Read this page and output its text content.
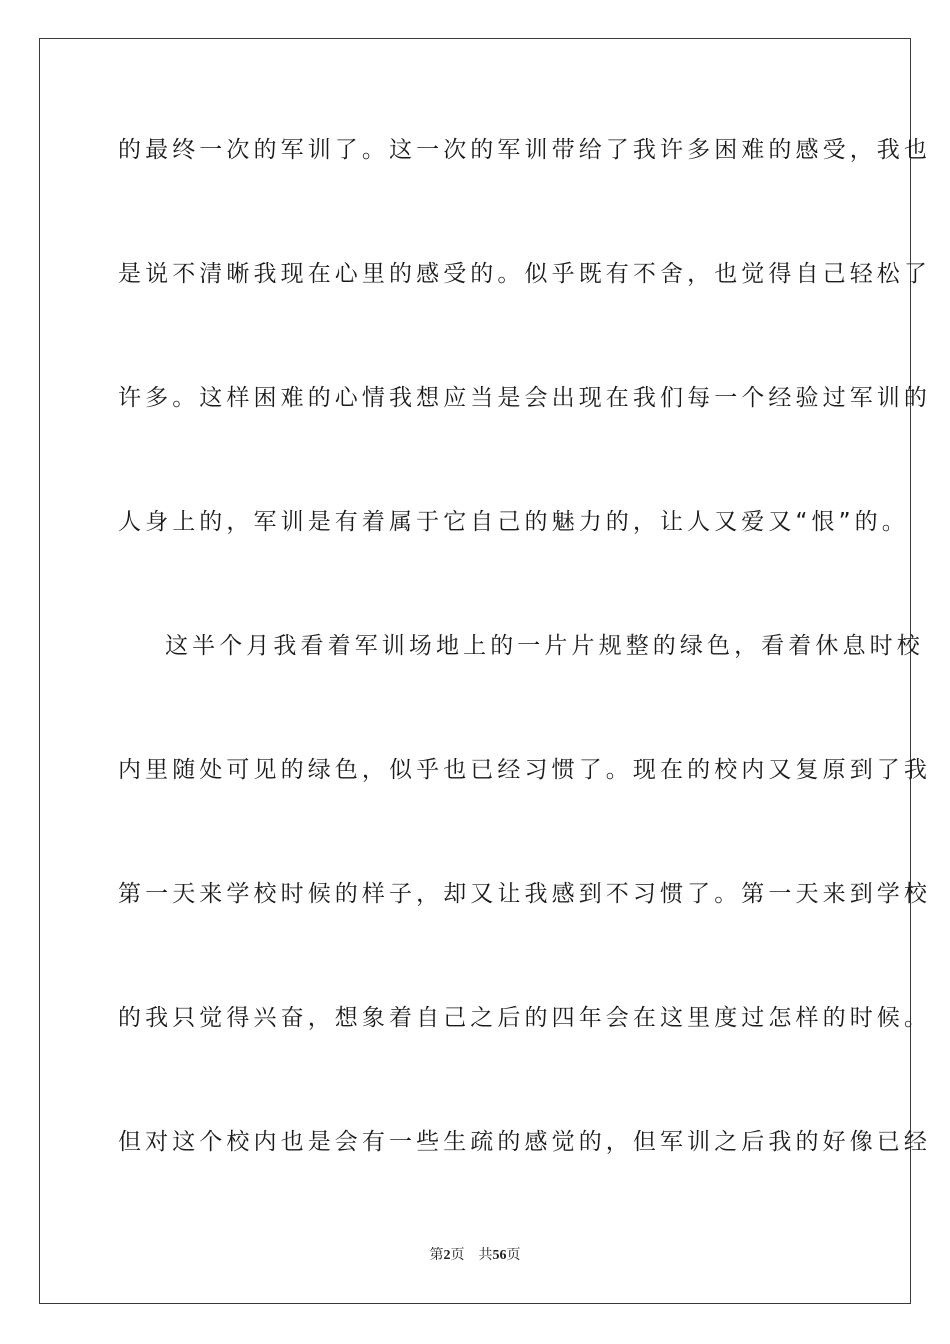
的最终一次的军训了。这一次的军训带给了我许多困难的感受，我也
是说不清晰我现在心里的感受的。似乎既有不舍，也觉得自己轻松了
许多。这样困难的心情我想应当是会出现在我们每一个经验过军训的
人身上的，军训是有着属于它自己的魅力的，让人又爱又“恨”的。
这半个月我看着军训场地上的一片片规整的绿色，看着休息时校
内里随处可见的绿色，似乎也已经习惯了。现在的校内又复原到了我
第一天来学校时候的样子，却又让我感到不习惯了。第一天来到学校
的我只觉得兴奋，想象着自己之后的四年会在这里度过怎样的时候。
但对这个校内也是会有一些生疏的感觉的，但军训之后我的好像已经
第2页 共56页
